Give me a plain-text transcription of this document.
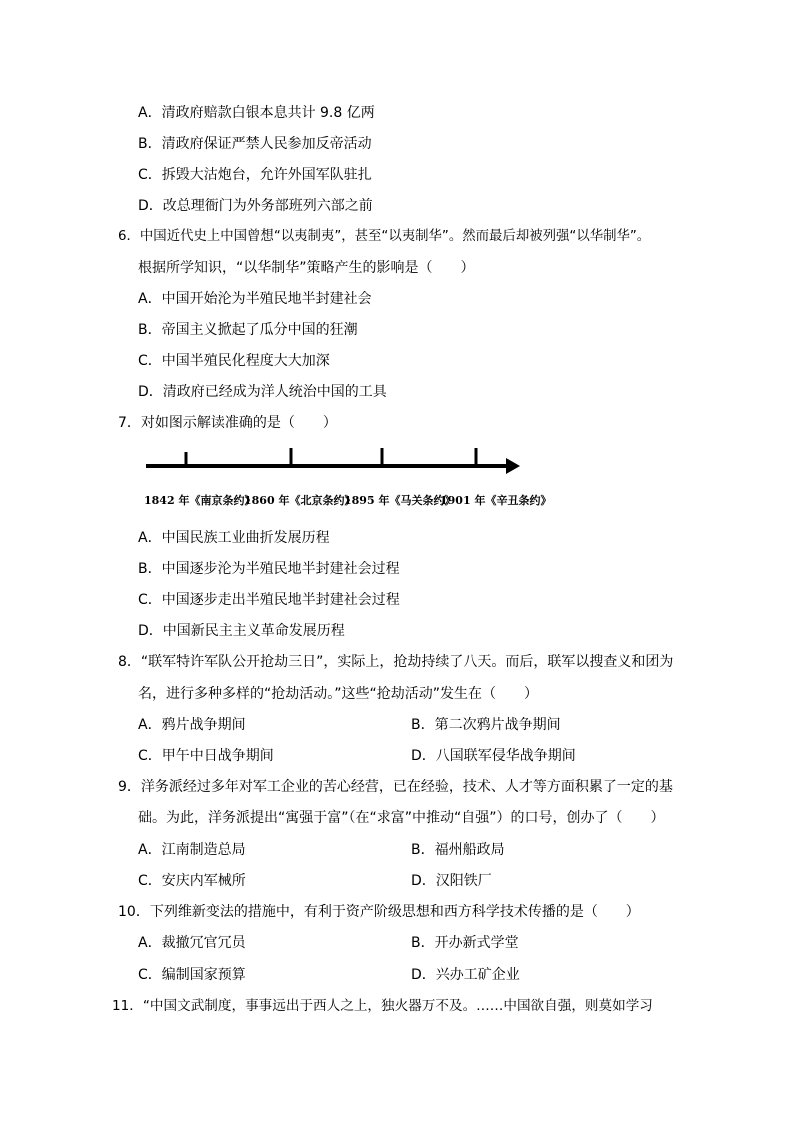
A．清政府赔款白银本息共计 9.8 亿两
B．清政府保证严禁人民参加反帝活动
C．拆毁大沽炮台，允许外国军队驻扎
D．改总理衙门为外务部班列六部之前
6．中国近代史上中国曾想“以夷制夷”，甚至“以夷制华”。然而最后却被列强“以华制华”。
根据所学知识，“以华制华”策略产生的影响是（　　）
A．中国开始沦为半殖民地半封建社会
B．帝国主义掀起了瓜分中国的狂潮
C．中国半殖民化程度大大加深
D．清政府已经成为洋人统治中国的工具
7．对如图示解读准确的是（　　）
1842 年《南京条约》
1860 年《北京条约》
1895 年《马关条约》
1901 年《辛丑条约》
A．中国民族工业曲折发展历程
B．中国逐步沦为半殖民地半封建社会过程
C．中国逐步走出半殖民地半封建社会过程
D．中国新民主主义革命发展历程
8．“联军特许军队公开抢劫三日”，实际上，抢劫持续了八天。而后，联军以搜查义和团为
名，进行多种多样的“抢劫活动。”这些“抢劫活动”发生在（　　）
A．鸦片战争期间	B．第二次鸦片战争期间
C．甲午中日战争期间	D．八国联军侵华战争期间
9．洋务派经过多年对军工企业的苦心经营，已在经验，技术、人才等方面积累了一定的基
础。为此，洋务派提出“寓强于富”（在“求富”中推动“自强”）的口号，创办了（　　）
A．江南制造总局	B．福州船政局
C．安庆内军械所	D．汉阳铁厂
10．下列维新变法的措施中，有利于资产阶级思想和西方科学技术传播的是（　　）
A．裁撤冗官冗员	B．开办新式学堂
C．编制国家预算	D．兴办工矿企业
11．“中国文武制度，事事远出于西人之上，独火器万不及。……中国欲自强，则莫如学习
